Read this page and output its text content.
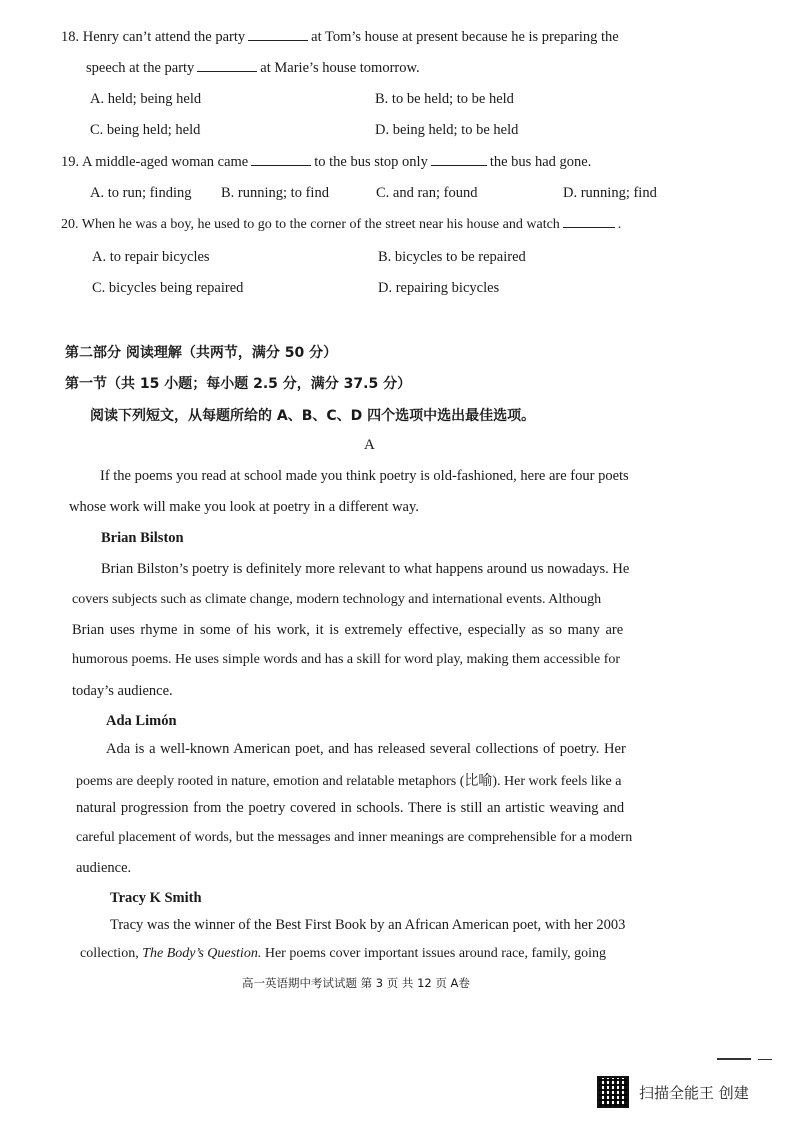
18. Henry can’t attend the party	at Tom’s house at present because he is preparing the
speech at the party	at Marie’s house tomorrow.
A. held; being held	B. to be held; to be held
C. being held; held	D. being held; to be held
19. A middle-aged woman came	to the bus stop only	the bus had gone.
A. to run; finding B. running; to find	C. and ran; found	D. running; find
20. When he was a boy, he used to go to the corner of the street near his house and watch	.
A. to repair bicycles	B. bicycles to be repaired
C. bicycles being repaired	D. repairing bicycles
第二部分 阅读理解（共两节，满分 50 分）
第一节（共 15 小题；每小题 2.5 分，满分 37.5 分）
阅读下列短文，从每题所给的 A、B、C、D 四个选项中选出最佳选项。
A
If the poems you read at school made you think poetry is old-fashioned, here are four poets
whose work will make you look at poetry in a different way.
Brian Bilston
Brian Bilston’s poetry is definitely more relevant to what happens around us nowadays. He
covers subjects such as climate change, modern technology and international events. Although
Brian uses rhyme in some of his work, it is extremely effective, especially as so many are
humorous poems. He uses simple words and has a skill for word play, making them accessible for
today’s audience.
Ada Limón
Ada is a well-known American poet, and has released several collections of poetry. Her
poems are deeply rooted in nature, emotion and relatable metaphors (比喻). Her work feels like a
natural progression from the poetry covered in schools. There is still an artistic weaving and
careful placement of words, but the messages and inner meanings are comprehensible for a modern
audience.
Tracy K Smith
Tracy was the winner of the Best First Book by an African American poet, with her 2003
collection, The Body’s Question. Her poems cover important issues around race, family, going
高一英语期中考试试题 第 3 页 共 12 页 A卷
扫描全能王 创建
